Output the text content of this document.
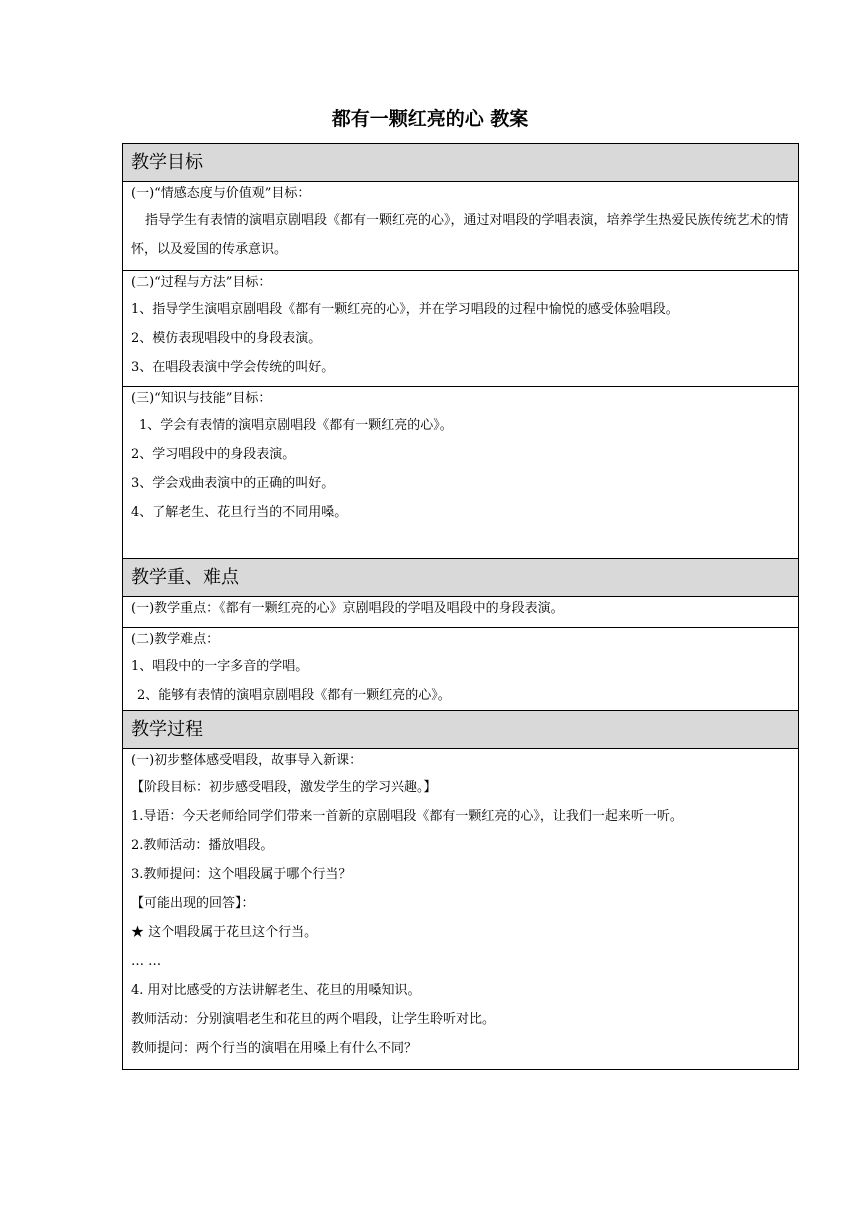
都有一颗红亮的心 教案
教学目标

(一)“情感态度与价值观”目标：
指导学生有表情的演唱京剧唱段《都有一颗红亮的心》，通过对唱段的学唱表演，培养学生热爱民族传统艺术的情怀，以及爱国的传承意识。

(二)“过程与方法”目标：
1、指导学生演唱京剧唱段《都有一颗红亮的心》，并在学习唱段的过程中愉悦的感受体验唱段。
2、模仿表现唱段中的身段表演。
3、在唱段表演中学会传统的叫好。

(三)“知识与技能”目标：
1、学会有表情的演唱京剧唱段《都有一颗红亮的心》。
2、学习唱段中的身段表演。
3、学会戏曲表演中的正确的叫好。
4、了解老生、花旦行当的不同用嗓。

教学重、难点

(一)教学重点：《都有一颗红亮的心》京剧唱段的学唱及唱段中的身段表演。

(二)教学难点：
1、唱段中的一字多音的学唱。
2、能够有表情的演唱京剧唱段《都有一颗红亮的心》。

教学过程

(一)初步整体感受唱段，故事导入新课：
【阶段目标：初步感受唱段，激发学生的学习兴趣。】
1.导语：今天老师给同学们带来一首新的京剧唱段《都有一颗红亮的心》，让我们一起来听一听。
2.教师活动：播放唱段。
3.教师提问：这个唱段属于哪个行当？
【可能出现的回答】：
★ 这个唱段属于花旦这个行当。
… …
4. 用对比感受的方法讲解老生、花旦的用嗓知识。
教师活动：分别演唱老生和花旦的两个唱段，让学生聆听对比。
教师提问：两个行当的演唱在用嗓上有什么不同？
